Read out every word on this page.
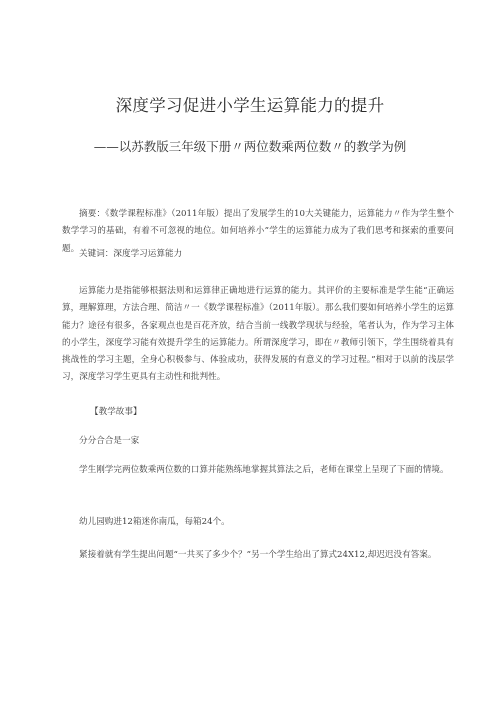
深度学习促进小学生运算能力的提升

——以苏教版三年级下册〃两位数乘两位数〃的教学为例

摘要：《数学课程标准》（2011年版）提出了发展学生的10大关键能力，运算能力〃作为学生整个数学学习的基础，有着不可忽视的地位。如何培养小”学生的运算能力成为了我们思考和探索的重要问题。

关键词：深度学习运算能力

运算能力是指能够根据法则和运算律正确地进行运算的能力。其评价的主要标准是学生能“正确运算，理解算理，方法合理、简洁〃一《数学课程标准》（2011年版）。那么我们要如何培养小学生的运算能力？途径有很多，各家观点也是百花齐放，结合当前一线教学现状与经验，笔者认为，作为学习主体的小学生，深度学习能有效提升学生的运算能力。所谓深度学习，即在〃教师引领下，学生围绕着具有挑战性的学习主题，全身心积极参与、体验成功，获得发展的有意义的学习过程。”相对于以前的浅层学习，深度学习学生更具有主动性和批判性。

【教学故事】

分分合合是一家

学生刚学完两位数乘两位数的口算并能熟练地掌握其算法之后，老师在课堂上呈现了下面的情境。

幼儿园购进12箱迷你南瓜，每箱24个。

紧接着就有学生提出问题“一共买了多少个？”另一个学生给出了算式24X12,却迟迟没有答案。
